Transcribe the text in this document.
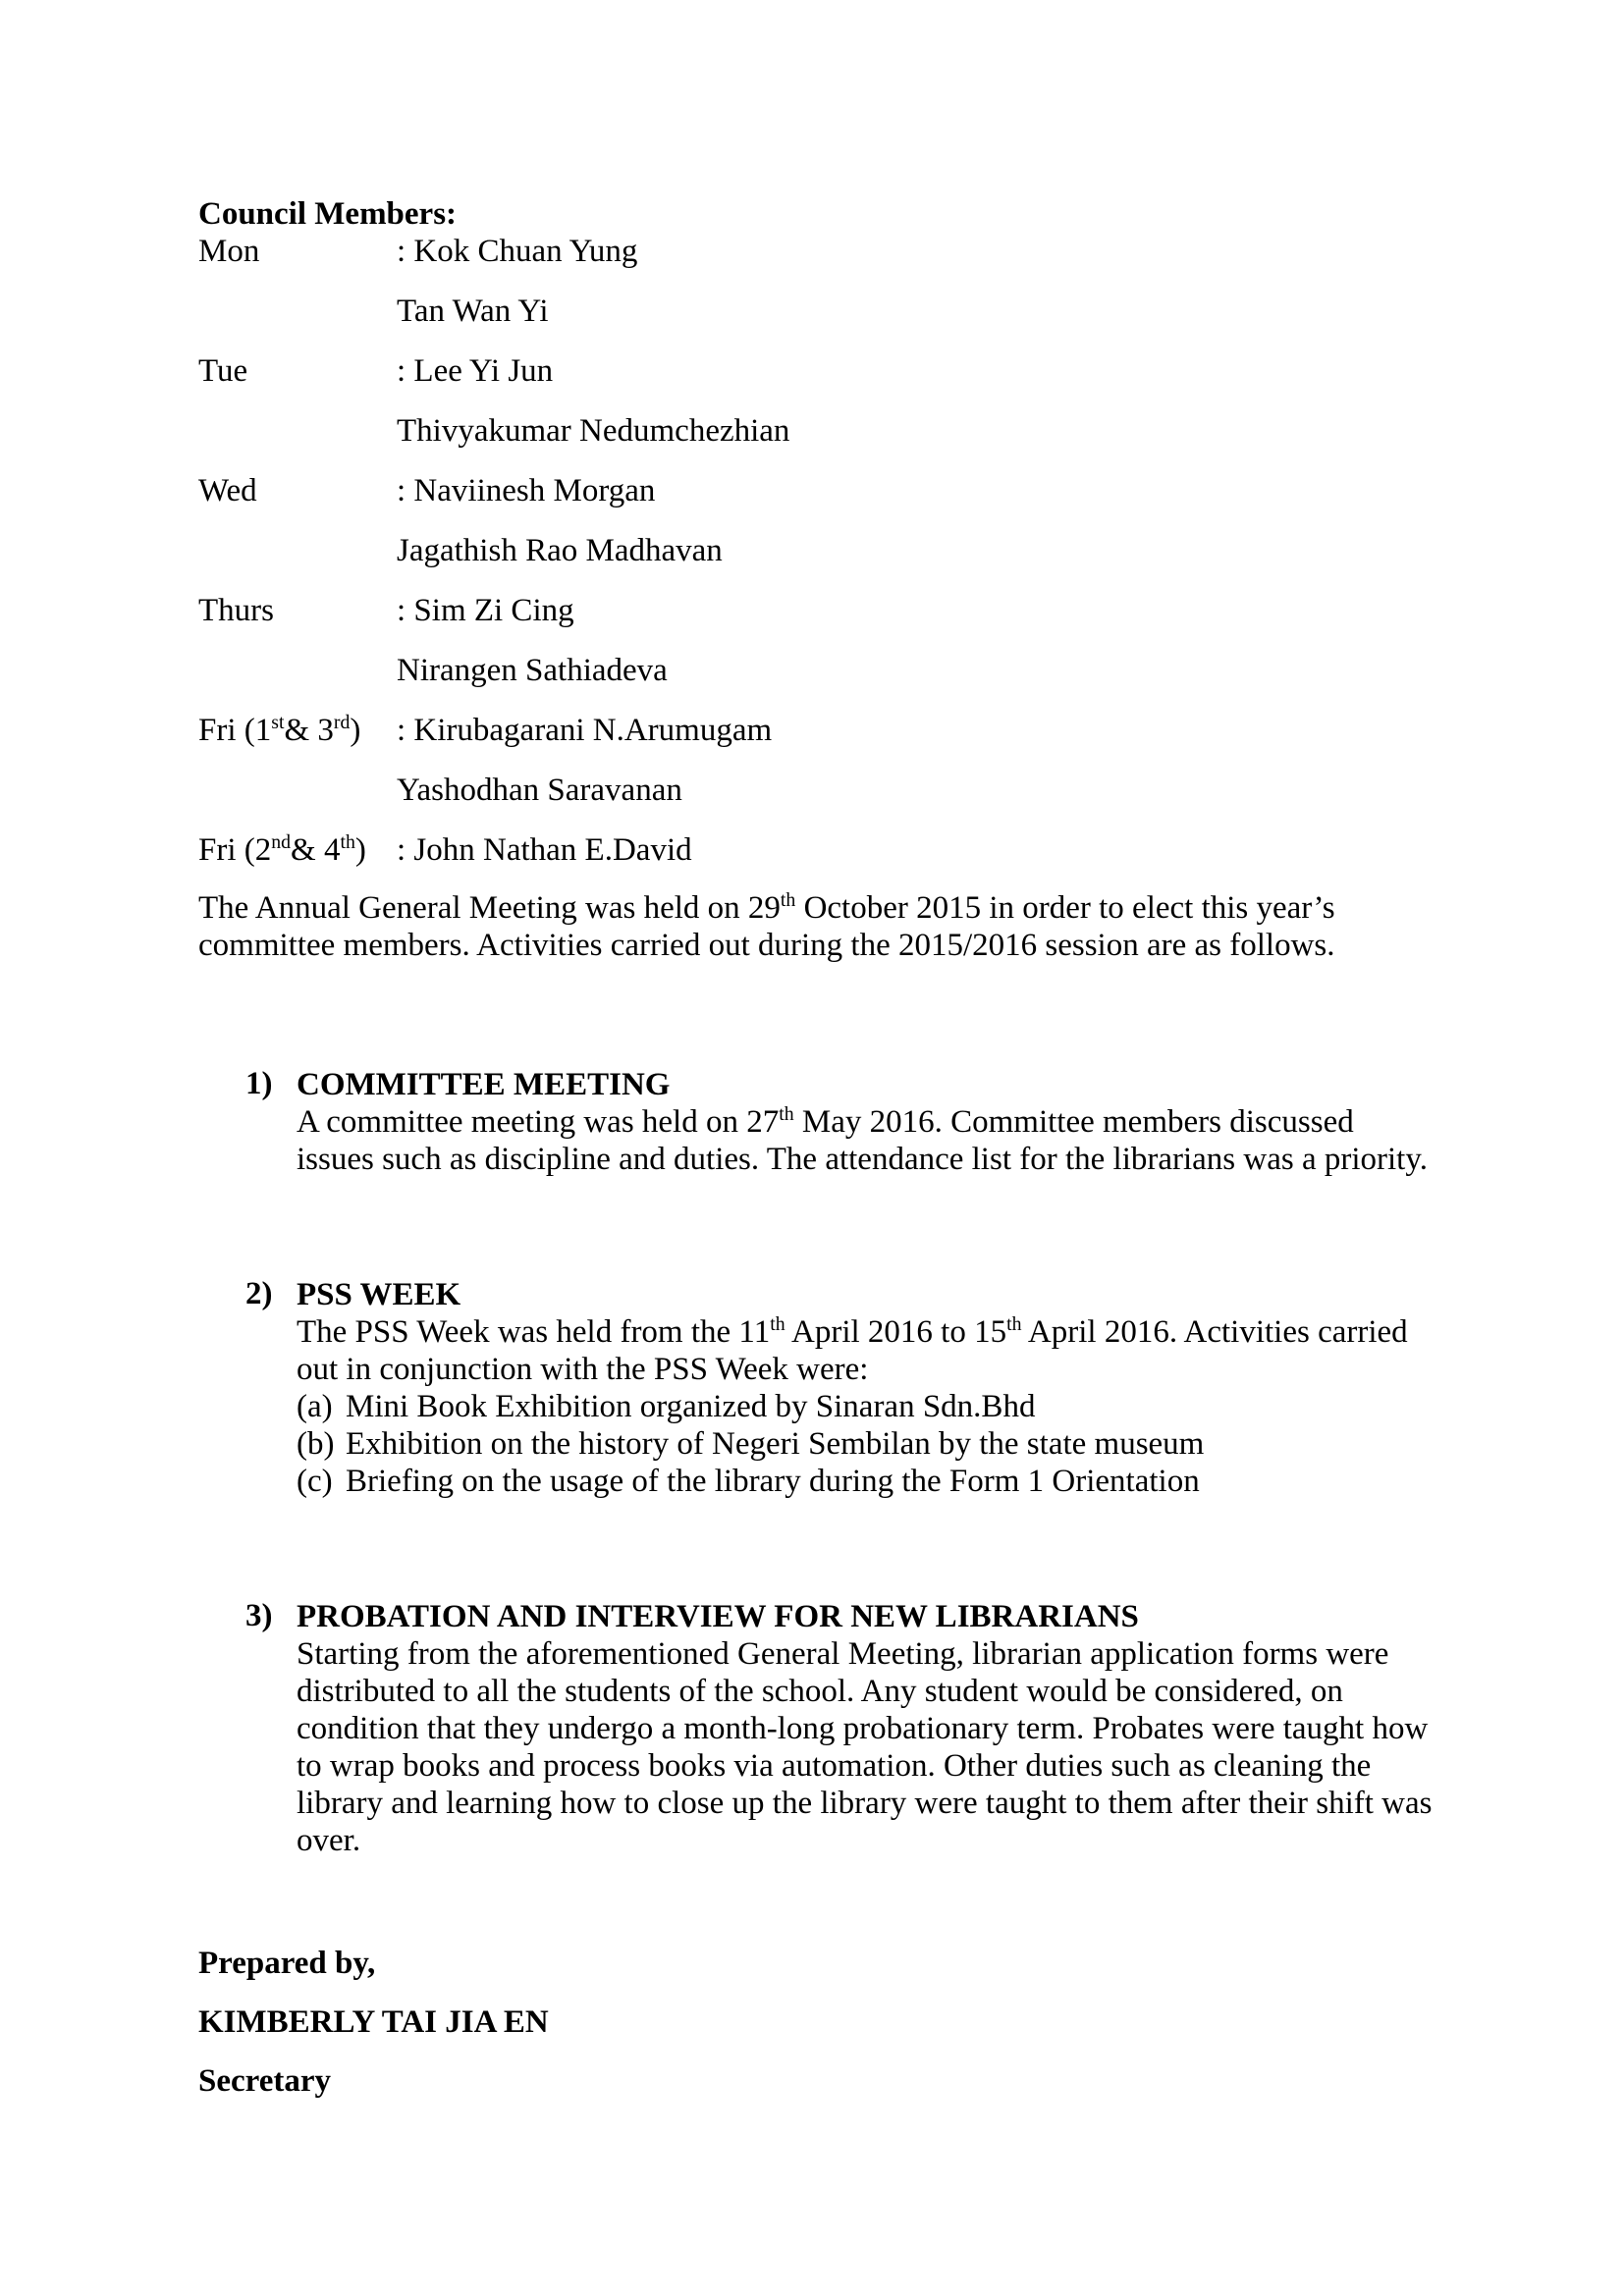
Council Members:
Mon	: Kok Chuan Yung
Tan Wan Yi
Tue	: Lee Yi Jun
Thivyakumar Nedumchezhian
Wed	: Naviinesh Morgan
Jagathish Rao Madhavan
Thurs	: Sim Zi Cing
Nirangen Sathiadeva
Fri (1st& 3rd)	: Kirubagarani N.Arumugam
Yashodhan Saravanan
Fri (2nd& 4th) : John Nathan E.David

The Annual General Meeting was held on 29th October 2015 in order to elect this year’s committee members. Activities carried out during the 2015/2016 session are as follows.

1) COMMITTEE MEETING
A committee meeting was held on 27th May 2016. Committee members discussed issues such as discipline and duties. The attendance list for the librarians was a priority.
2) PSS WEEK
The PSS Week was held from the 11th April 2016 to 15th April 2016. Activities carried out in conjunction with the PSS Week were:
(a) Mini Book Exhibition organized by Sinaran Sdn.Bhd
(b) Exhibition on the history of Negeri Sembilan by the state museum
(c) Briefing on the usage of the library during the Form 1 Orientation
3) PROBATION AND INTERVIEW FOR NEW LIBRARIANS
Starting from the aforementioned General Meeting, librarian application forms were distributed to all the students of the school. Any student would be considered, on condition that they undergo a month-long probationary term. Probates were taught how to wrap books and process books via automation. Other duties such as cleaning the library and learning how to close up the library were taught to them after their shift was over.
Prepared by,
KIMBERLY TAI JIA EN
Secretary
